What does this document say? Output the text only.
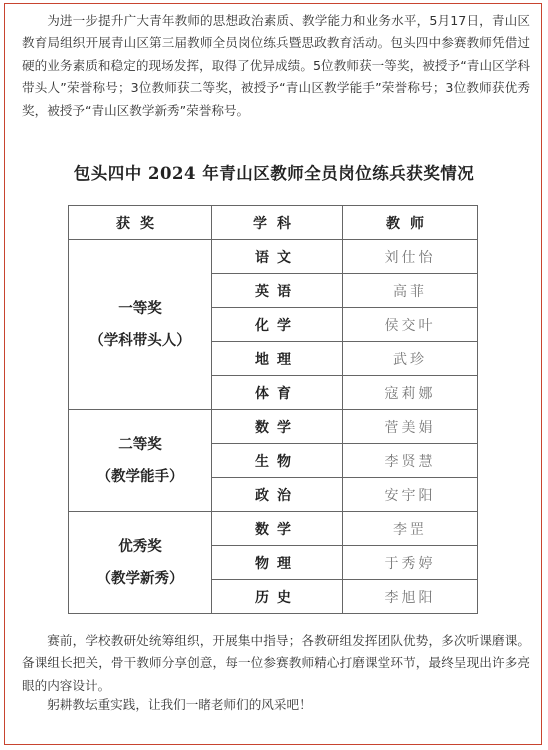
为进一步提升广大青年教师的思想政治素质、教学能力和业务水平，5月17日，青山区教育局组织开展青山区第三届教师全员岗位练兵暨思政教育活动。包头四中参赛教师凭借过硬的业务素质和稳定的现场发挥，取得了优异成绩。5位教师获一等奖，被授予“青山区学科带头人”荣誉称号；3位教师获二等奖，被授予“青山区教学能手”荣誉称号；3位教师获优秀奖，被授予“青山区教学新秀”荣誉称号。

包头四中 2024 年青山区教师全员岗位练兵获奖情况
获奖	学科	教师

一等奖
（学科带头人）	语文	刘仕怡
	英语	高菲
	化学	侯交叶
	地理	武珍
	体育	寇莉娜

二等奖
（教学能手）	数学	菅美娟
	生物	李贤慧
	政治	安宇阳

优秀奖
（教学新秀）	数学	李罡
	物理	于秀婷
	历史	李旭阳

赛前，学校教研处统筹组织，开展集中指导；各教研组发挥团队优势，多次听课磨课。备课组长把关，骨干教师分享创意，每一位参赛教师精心打磨课堂环节，最终呈现出许多亮眼的内容设计。

躬耕教坛重实践，让我们一睹老师们的风采吧！
